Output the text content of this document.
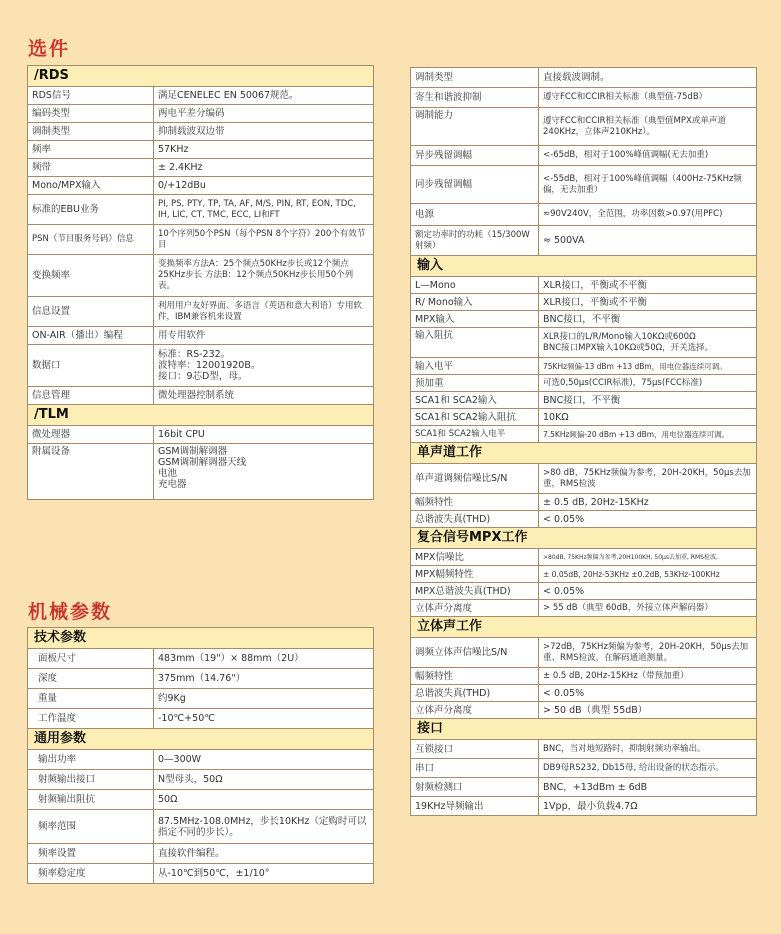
选件
/RDS	
RDS信号	满足CENELEC EN 50067规范。
编码类型	两电平差分编码
调制类型	抑制载波双边带
频率	57KHz
频带	± 2.4KHz
Mono/MPX输入	0/+12dBu
标准的EBU业务	PI, PS, PTY, TP, TA, AF, M/S, PIN, RT, EON, TDC, IH, LIC, CT, TMC, ECC, LI和FT
PSN（节目服务号码）信息	10个序列50个PSN（每个PSN 8个字符）200个有效节目
变换频率	变换频率方法A：25个频点50KHz步长或12个频点25KHz步长 方法B：12个频点50KHz步长用50个列表。
信息设置	利用用户友好界面、多语言（英语和意大利语）专用软件，IBM兼容机来设置
ON-AIR（播出）编程	用专用软件
数据口	标准：RS-232。
波特率：12001920B。
接口：9芯D型，母。
信息管理	微处理器控制系统
/TLM	
微处理器	16bit CPU
附属设备	GSM调制解调器
GSM调制解调器天线
电池
充电器
机械参数
技术参数	
面板尺寸	483mm（19"）× 88mm（2U）
深度	375mm（14.76"）
重量	约9Kg
工作温度	-10℃+50℃
通用参数	
输出功率	0—300W
射频输出接口	N型母头，50Ω
射频输出阻抗	50Ω
频率范围	87.5MHz-108.0MHz，步长10KHz（定购时可以指定不同的步长）。
频率设置	直接软件编程。
频率稳定度	从-10℃到50℃，±1/10°
调制类型	直接载波调制。
寄生和谐波抑制	遵守FCC和CCIR相关标准（典型值-75dB）
调制能力	遵守FCC和CCIR相关标准（典型值MPX或单声道240KHz，立体声210KHz）。
异步残留调幅	<-65dB，相对于100%峰值调幅(无去加重)
同步残留调幅	<-55dB，相对于100%峰值调幅（400Hz-75KHz频偏，无去加重）
电源	≈90V240V，全范围，功率因数>0.97(用PFC)
额定功率时的功耗（15/300W射频）	≈ 500VA
输入	
L—Mono	XLR接口，平衡或不平衡
R/ Mono输入	XLR接口，平衡或不平衡
MPX输入	BNC接口，不平衡
输入阻抗	XLR接口的L/R/Mono输入10KΩ或600Ω
BNC接口MPX输入10KΩ或50Ω，开关选择。
输入电平	75KHz频偏-13 dBm +13 dBm，用电位器连续可调。
预加重	可选0,50μs(CCIR标准)，75μs(FCC标准)
SCA1和 SCA2输入	BNC接口，不平衡
SCA1和 SCA2输入阻抗	10KΩ
SCA1和 SCA2输入电平	7.5KHz频偏-20 dBm +13 dBm，用电位器连续可调。
单声道工作	
单声道调频信噪比S/N	>80 dB，75KHz频偏为参考，20H-20KH，50μs去加重，RMS检波
幅频特性	± 0.5 dB, 20Hz-15KHz
总谐波失真(THD)	< 0.05%
复合信号MPX工作	
MPX信噪比	>80dB, 75KHz频偏为参考,20H100KH, 50μs去加重, RMS检波.
MPX幅频特性	± 0.05dB, 20Hz-53KHz ±0.2dB, 53KHz-100KHz
MPX总谐波失真(THD)	< 0.05%
立体声分离度	> 55 dB（典型 60dB，外接立体声解码器）
立体声工作	
调频立体声信噪比S/N	>72dB，75KHz频偏为参考，20H-20KH，50μs去加重、RMS检波，在解码通道测量。
幅频特性	± 0.5 dB, 20Hz-15KHz（带预加重）
总谐波失真(THD)	< 0.05%
立体声分离度	> 50 dB（典型 55dB）
接口	
互锁接口	BNC，当对地短路时，抑制射频功率输出。
串口	DB9母RS232, Db15母, 给出设备的状态指示。
射频检测口	BNC，+13dBm ± 6dB
19KHz导频输出	1Vpp，最小负载4.7Ω
